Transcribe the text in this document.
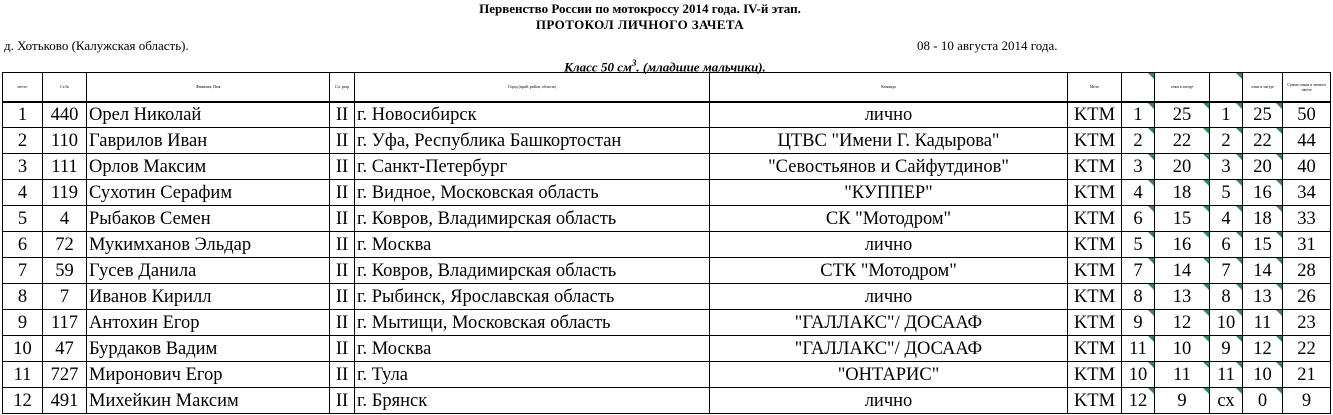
Первенство России по мотокроссу 2014 года. IV-й этап.
ПРОТОКОЛ ЛИЧНОГО ЗАЧЕТА
д. Хотьково (Калужская область).	08 - 10 августа 2014 года.
Класс 50 $см^3$. (младшие мальчики).
место	Ст.№	Фамилия, Имя	Сп. разр	Город (край, район, область)	Команда	Мото		очки в заезде		очки в заезде	Сумма очков в личном зачете
1	440	Орел Николай	II	г. Новосибирск	лично	KTM	1	25	1	25	50
2	110	Гаврилов Иван	II	г. Уфа, Республика Башкортостан	ЦТВС "Имени Г. Кадырова"	KTM	2	22	2	22	44
3	111	Орлов Максим	II	г. Санкт-Петербург	"Севостьянов и Сайфутдинов"	KTM	3	20	3	20	40
4	119	Сухотин Серафим	II	г. Видное, Московская область	"КУППЕР"	KTM	4	18	5	16	34
5	4	Рыбаков Семен	II	г. Ковров, Владимирская область	СК "Мотодром"	KTM	6	15	4	18	33
6	72	Мукимханов Эльдар	II	г. Москва	лично	KTM	5	16	6	15	31
7	59	Гусев Данила	II	г. Ковров, Владимирская область	СТК "Мотодром"	KTM	7	14	7	14	28
8	7	Иванов Кирилл	II	г. Рыбинск, Ярославская область	лично	KTM	8	13	8	13	26
9	117	Антохин Егор	II	г. Мытищи, Московская область	"ГАЛЛАКС"/ ДОСААФ	KTM	9	12	10	11	23
10	47	Бурдаков Вадим	II	г. Москва	"ГАЛЛАКС"/ ДОСААФ	KTM	11	10	9	12	22
11	727	Миронович Егор	II	г. Тула	"ОНТАРИС"	KTM	10	11	11	10	21
12	491	Михейкин Максим	II	г. Брянск	лично	KTM	12	9	сх	0	9
